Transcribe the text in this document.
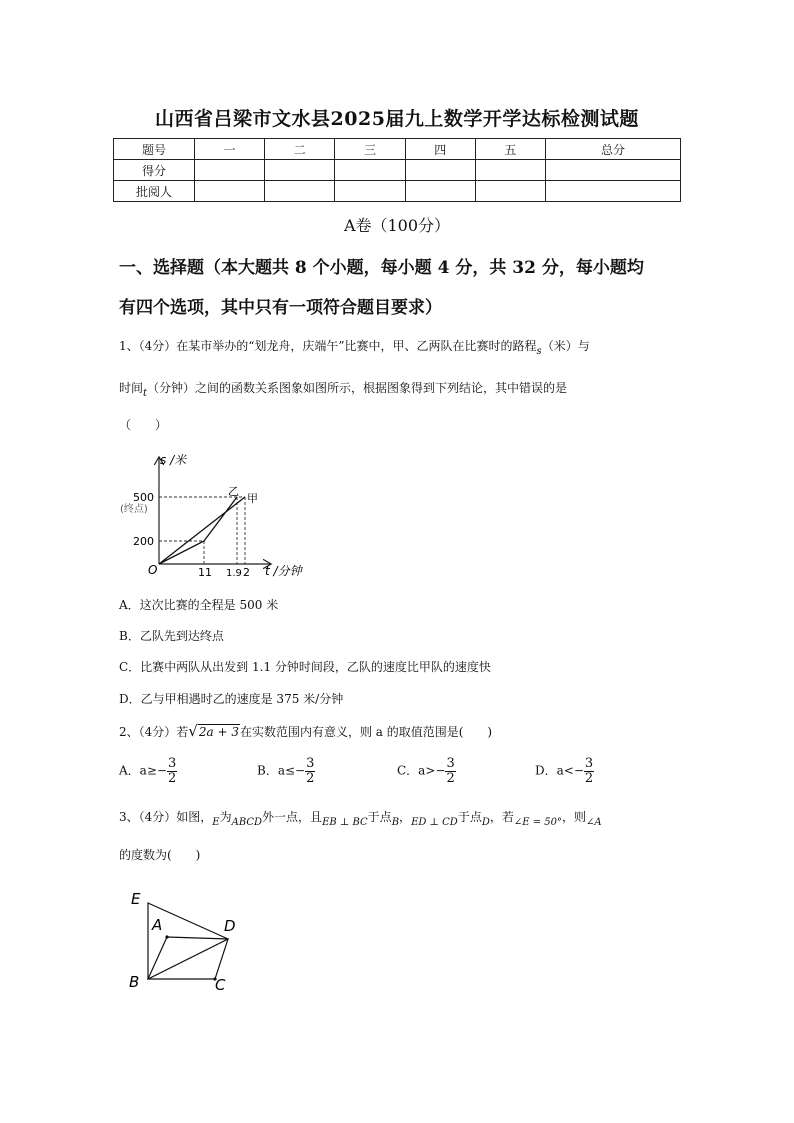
山西省吕梁市文水县2025届九上数学开学达标检测试题
题号	一	二	三	四	五	总分
得分						
批阅人						
A卷（100分）
一、选择题（本大题共 8 个小题，每小题 4 分，共 32 分，每小题均
有四个选项，其中只有一项符合题目要求）
1、（4分）在某市举办的“划龙舟，庆端午”比赛中，甲、乙两队在比赛时的路程$_s$（米）与
时间$_t$（分钟）之间的函数关系图象如图所示，根据图象得到下列结论，其中错误的是
（　　）
s /米
t /分钟
O
500
(终点)
200
11 1.9 2
乙
甲
A．这次比赛的全程是 500 米
B．乙队先到达终点
C．比赛中两队从出发到 1.1 分钟时间段，乙队的速度比甲队的速度快
D．乙与甲相遇时乙的速度是 375 米/分钟
2、（4分）若√2a + 3在实数范围内有意义，则 a 的取值范围是(　　)
A．$a\ge- \frac{3}{2}$	B．$a\le- \frac{3}{2}$	C．$a>- \frac{3}{2}$	D．$a<- \frac{3}{2}$
3、（4分）如图，$_E$为$_{ABCD}$外一点，且$_{EB \perp BC}$于点$_B$，$_{ED \perp CD}$于点$_D$，若$_{\angle E = 50^\circ}$，则$_{\angle A}$
的度数为(　　)
E
A	D
B	C
